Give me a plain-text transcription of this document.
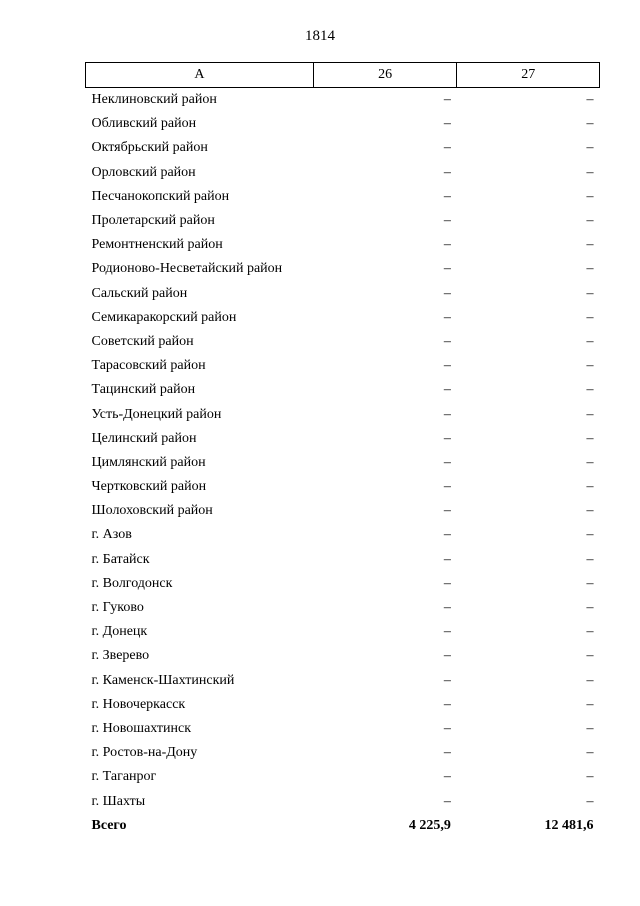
1814
А	26	27
Неклиновский район	–	–
Обливский район	–	–
Октябрьский район	–	–
Орловский район	–	–
Песчанокопский район	–	–
Пролетарский район	–	–
Ремонтненский район	–	–
Родионово-Несветайский район	–	–
Сальский район	–	–
Семикаракорский район	–	–
Советский район	–	–
Тарасовский район	–	–
Тацинский район	–	–
Усть-Донецкий район	–	–
Целинский район	–	–
Цимлянский район	–	–
Чертковский район	–	–
Шолоховский район	–	–
г. Азов	–	–
г. Батайск	–	–
г. Волгодонск	–	–
г. Гуково	–	–
г. Донецк	–	–
г. Зверево	–	–
г. Каменск-Шахтинский	–	–
г. Новочеркасск	–	–
г. Новошахтинск	–	–
г. Ростов-на-Дону	–	–
г. Таганрог	–	–
г. Шахты	–	–
Всего	4 225,9	12 481,6
